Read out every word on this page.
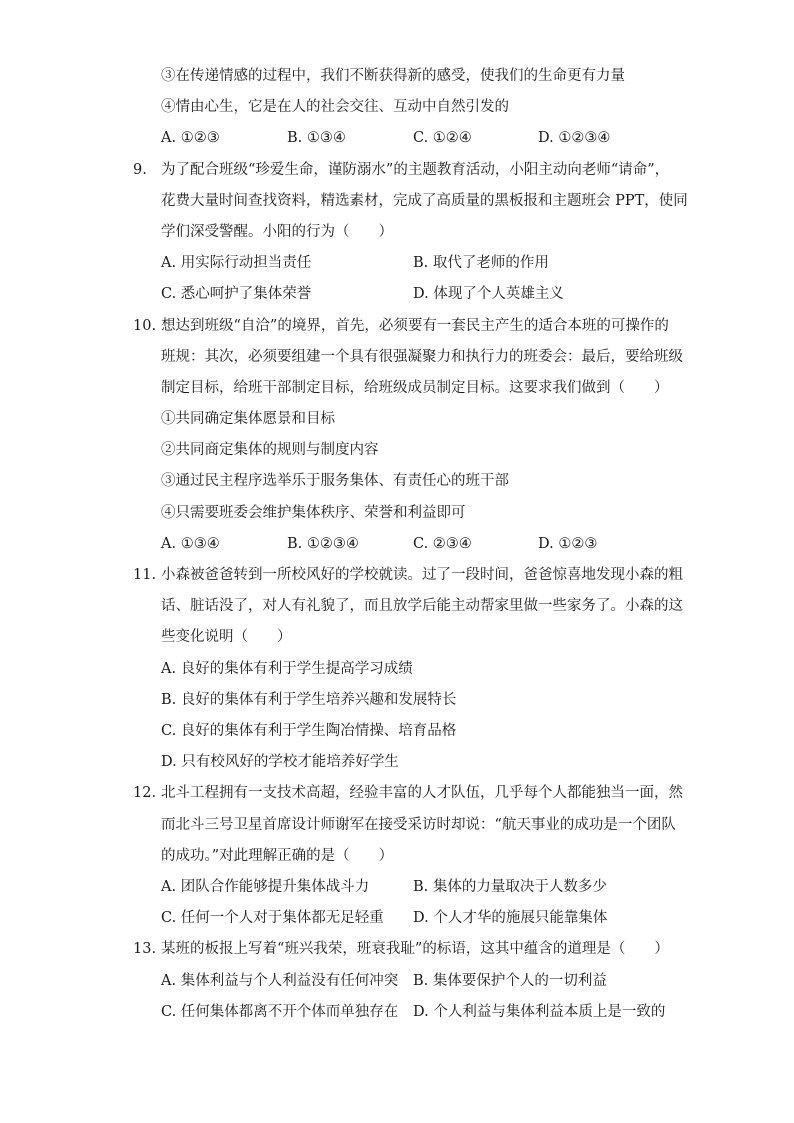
③在传递情感的过程中，我们不断获得新的感受，使我们的生命更有力量
④情由心生，它是在人的社会交往、互动中自然引发的
A. ①②③	B. ①③④	C. ①②④	D. ①②③④
9. 为了配合班级“珍爱生命，谨防溺水”的主题教育活动，小阳主动向老师“请命”，
花费大量时间查找资料，精选素材，完成了高质量的黑板报和主题班会 PPT，使同
学们深受警醒。小阳的行为（　　）
A. 用实际行动担当责任	B. 取代了老师的作用
C. 悉心呵护了集体荣誉	D. 体现了个人英雄主义
10. 想达到班级“自洽”的境界，首先，必须要有一套民主产生的适合本班的可操作的
班规：其次，必须要组建一个具有很强凝聚力和执行力的班委会：最后，要给班级
制定目标，给班干部制定目标，给班级成员制定目标。这要求我们做到（　　）
①共同确定集体愿景和目标
②共同商定集体的规则与制度内容
③通过民主程序选举乐于服务集体、有责任心的班干部
④只需要班委会维护集体秩序、荣誉和利益即可
A. ①③④	B. ①②③④	C. ②③④	D. ①②③
11. 小森被爸爸转到一所校风好的学校就读。过了一段时间，爸爸惊喜地发现小森的粗
话、脏话没了，对人有礼貌了，而且放学后能主动帮家里做一些家务了。小森的这
些变化说明（　　）
A. 良好的集体有利于学生提高学习成绩
B. 良好的集体有利于学生培养兴趣和发展特长
C. 良好的集体有利于学生陶冶情操、培育品格
D. 只有校风好的学校才能培养好学生
12. 北斗工程拥有一支技术高超，经验丰富的人才队伍，几乎每个人都能独当一面，然
而北斗三号卫星首席设计师谢军在接受采访时却说：“航天事业的成功是一个团队
的成功。”对此理解正确的是（　　）
A. 团队合作能够提升集体战斗力	B. 集体的力量取决于人数多少
C. 任何一个人对于集体都无足轻重 D. 个人才华的施展只能靠集体
13. 某班的板报上写着“班兴我荣，班衰我耻”的标语，这其中蕴含的道理是（　　）
A. 集体利益与个人利益没有任何冲突 B. 集体要保护个人的一切利益
C. 任何集体都离不开个体而单独存在 D. 个人利益与集体利益本质上是一致的
